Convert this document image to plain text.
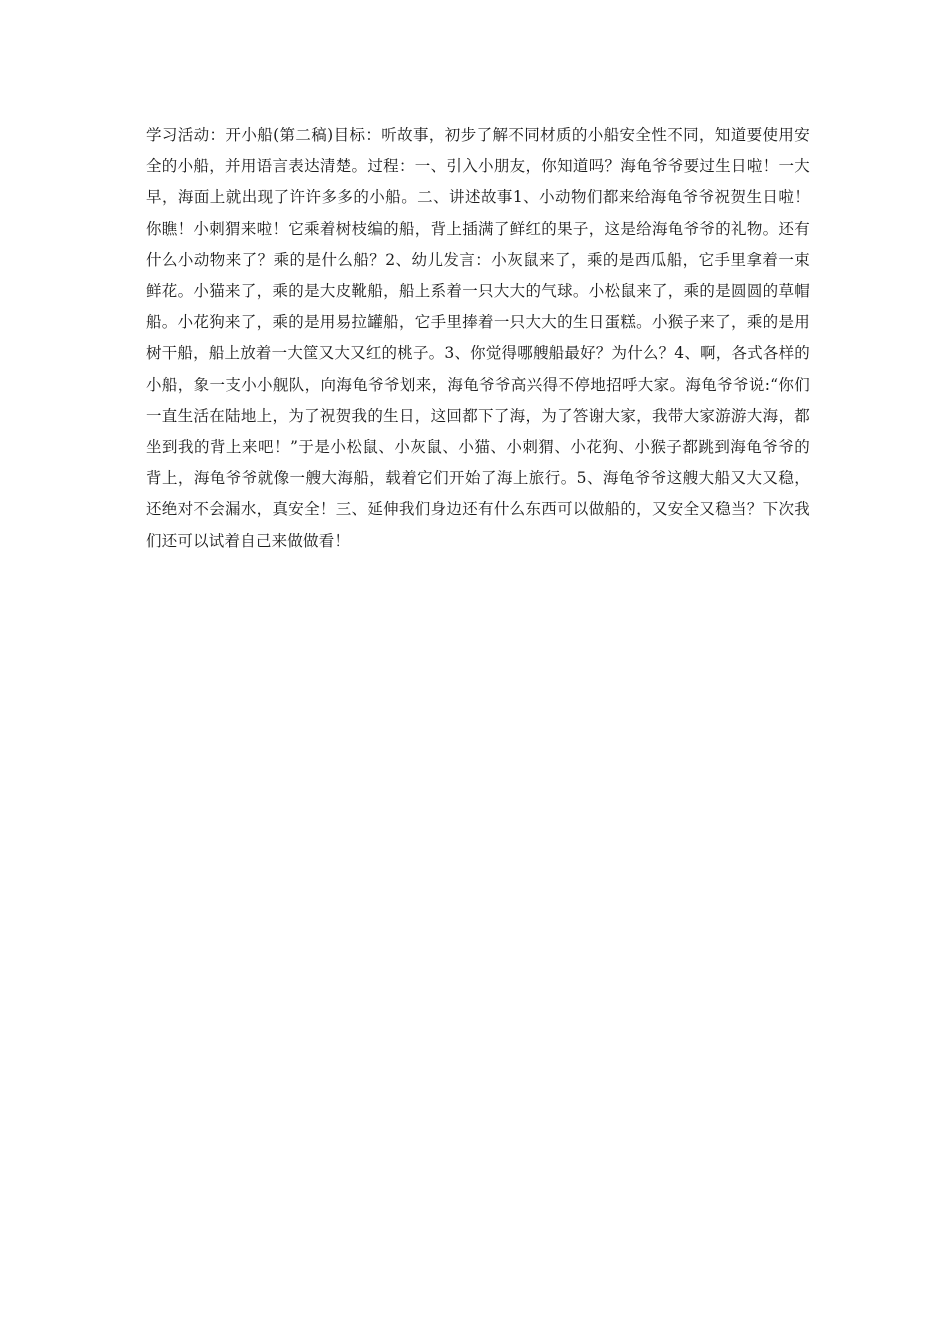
学习活动：开小船(第二稿)目标：听故事，初步了解不同材质的小船安全性不同，知道要使用安全的小船，并用语言表达清楚。过程：一、引入小朋友，你知道吗？海龟爷爷要过生日啦！一大早，海面上就出现了许许多多的小船。二、讲述故事1、小动物们都来给海龟爷爷祝贺生日啦！你瞧！小刺猬来啦！它乘着树枝编的船，背上插满了鲜红的果子，这是给海龟爷爷的礼物。还有什么小动物来了？乘的是什么船？2、幼儿发言：小灰鼠来了，乘的是西瓜船，它手里拿着一束鲜花。小猫来了，乘的是大皮靴船，船上系着一只大大的气球。小松鼠来了，乘的是圆圆的草帽船。小花狗来了，乘的是用易拉罐船，它手里捧着一只大大的生日蛋糕。小猴子来了，乘的是用树干船，船上放着一大筐又大又红的桃子。3、你觉得哪艘船最好？为什么？4、啊，各式各样的小船，象一支小小舰队，向海龟爷爷划来，海龟爷爷高兴得不停地招呼大家。海龟爷爷说:“你们一直生活在陆地上，为了祝贺我的生日，这回都下了海，为了答谢大家，我带大家游游大海，都坐到我的背上来吧！”于是小松鼠、小灰鼠、小猫、小刺猬、小花狗、小猴子都跳到海龟爷爷的背上，海龟爷爷就像一艘大海船，载着它们开始了海上旅行。5、海龟爷爷这艘大船又大又稳，还绝对不会漏水，真安全！三、延伸我们身边还有什么东西可以做船的，又安全又稳当？下次我们还可以试着自己来做做看！
